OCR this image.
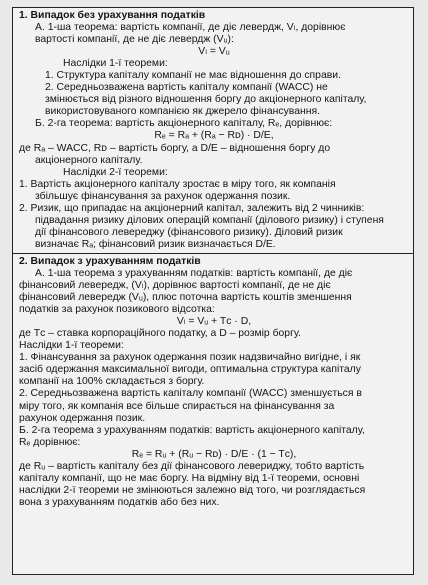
1. Випадок без урахування податків

А. 1-ша теорема: вартість компанії, де діє левердж, Vₗ, дорівнює

вартості компанії, де не діє левердж (Vᵤ):

Vₗ = Vᵤ

Наслідки 1-ї теореми:

1. Структура капіталу компанії не має відношення до справи.

2. Середньозважена вартість капіталу компанії (WACC) не

змінюється від різного відношення боргу до акціонерного капіталу,

використовуваного компанією як джерело фінансування.

Б. 2-га теорема: вартість акціонерного капіталу, Rₑ, дорівнює:

Rₑ = Rₐ + (Rₐ − Rᴅ) · D/E,

де Rₐ – WACC, Rᴅ – вартість боргу, а D/E – відношення боргу до

акціонерного капіталу.

Наслідки 2-ї теореми:

1. Вартість акціонерного капіталу зростає в міру того, як компанія

збільшує фінансування за рахунок одержання позик.

2. Ризик, що припадає на акціонерний капітал, залежить від 2 чинників:

підвадання ризику ділових операцій компанії (ділового ризику) і ступеня

дії фінансового левереджу (фінансового ризику). Діловий ризик

визначає Rₐ; фінансовий ризик визначається D/E.

2. Випадок з урахуванням податків

А. 1-ша теорема з урахуванням податків: вартість компанії, де діє

фінансовий левередж, (Vₗ), дорівнює вартості компанії, де не діє

фінансовий левередж (Vᵤ), плюс поточна вартість коштів зменшення

податків за рахунок позикового відсотка:

Vₗ = Vᵤ + Tᴄ · D,

де Tᴄ – ставка корпораційного податку, а D – розмір боргу.

Наслідки 1-ї теореми:

1. Фінансування за рахунок одержання позик надзвичайно вигідне, і як

засіб одержання максимальної вигоди, оптимальна структура капіталу

компанії на 100% складається з боргу.

2. Середньозважена вартість капіталу компанії (WACC) зменшується в

міру того, як компанія все більше спирається на фінансування за

рахунок одержання позик.

Б. 2-га теорема з урахуванням податків: вартість акціонерного капіталу,

Rₑ дорівнює:

Rₑ = Rᵤ + (Rᵤ − Rᴅ) · D/E · (1 − Tᴄ),

де Rᵤ – вартість капіталу без дії фінансового левериджу, тобто вартість

капіталу компанії, що не має боргу. На відміну від 1-ї теореми, основні

наслідки 2-ї теореми не змінюються залежно від того, чи розглядається

вона з урахуванням податків або без них.
